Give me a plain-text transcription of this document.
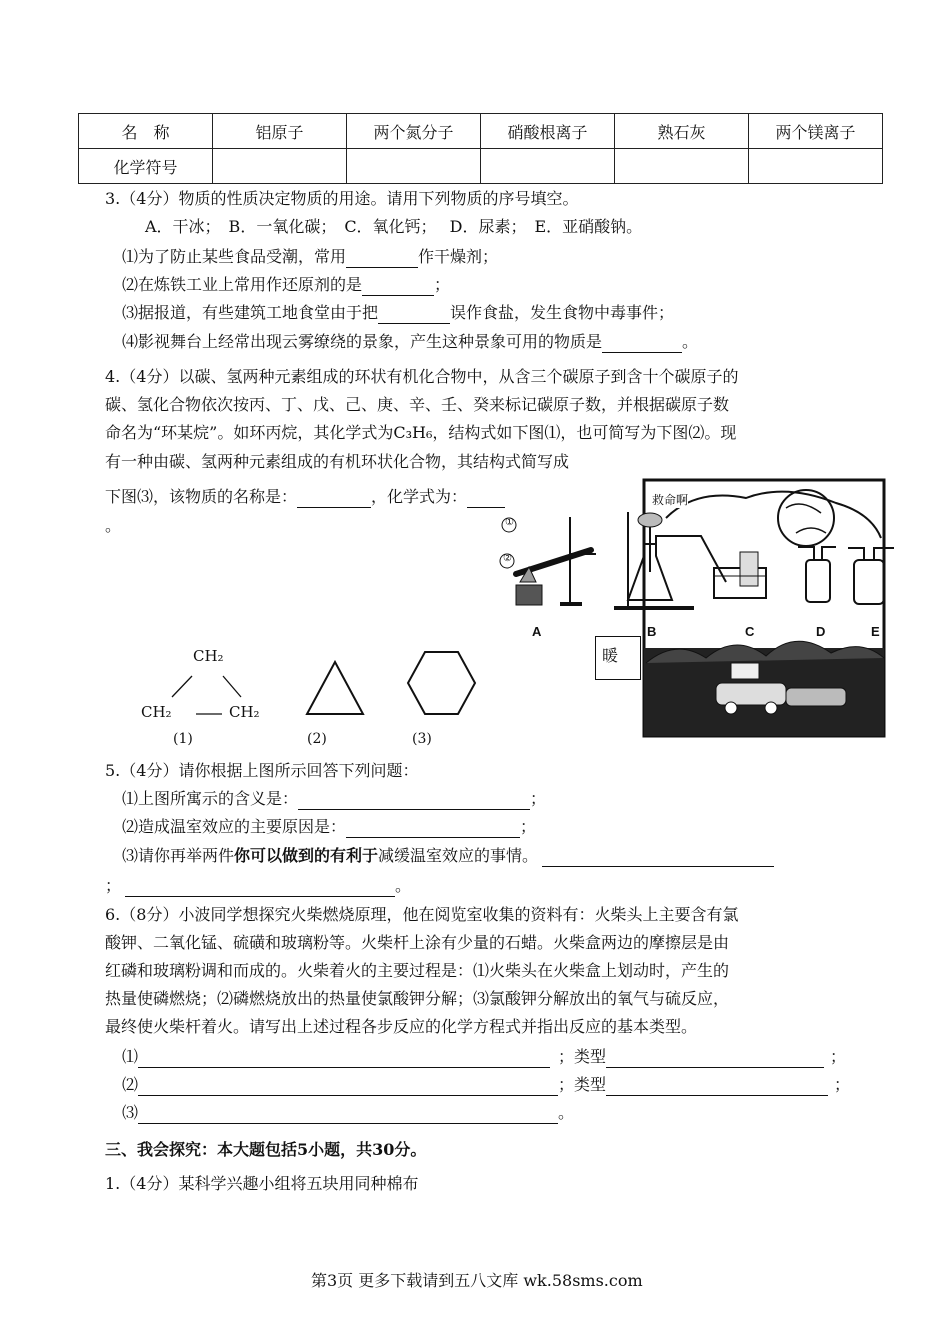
名　称	铝原子	两个氮分子	硝酸根离子	熟石灰	两个镁离子
化学符号					
3.（4分）物质的性质决定物质的用途。请用下列物质的序号填空。
A．干冰；　B．一氧化碳；　C．氧化钙；　 D．尿素；　E．亚硝酸钠。
⑴为了防止某些食品受潮，常用	作干燥剂；
⑵在炼铁工业上常用作还原剂的是	；
⑶据报道，有些建筑工地食堂由于把	误作食盐，发生食物中毒事件；
⑷影视舞台上经常出现云雾缭绕的景象，产生这种景象可用的物质是	。
4.（4分）以碳、氢两种元素组成的环状有机化合物中，从含三个碳原子到含十个碳原子的
碳、氢化合物依次按丙、丁、戊、己、庚、辛、壬、癸来标记碳原子数，并根据碳原子数
命名为“环某烷”。如环丙烷，其化学式为C₃H₆，结构式如下图⑴，也可简写为下图⑵。现
有一种由碳、氢两种元素组成的有机环状化合物，其结构式简写成
下图⑶，该物质的名称是：	，化学式为：
。
CH₂
CH₂	CH₂
(1)	(2)	(3)
救命啊
暖
①
②
A	B	C	D	E
5.（4分）请你根据上图所示回答下列问题：
⑴上图所寓示的含义是：	；
⑵造成温室效应的主要原因是：	；
⑶请你再举两件你可以做到的有利于减缓温室效应的事情。
；	。
6.（8分）小波同学想探究火柴燃烧原理，他在阅览室收集的资料有：火柴头上主要含有氯
酸钾、二氧化锰、硫磺和玻璃粉等。火柴杆上涂有少量的石蜡。火柴盒两边的摩擦层是由
红磷和玻璃粉调和而成的。火柴着火的主要过程是：⑴火柴头在火柴盒上划动时，产生的
热量使磷燃烧；⑵磷燃烧放出的热量使氯酸钾分解；⑶氯酸钾分解放出的氧气与硫反应，
最终使火柴杆着火。请写出上述过程各步反应的化学方程式并指出反应的基本类型。
⑴	；类型	；
⑵	；类型	；
⑶	。
三、我会探究：本大题包括5小题，共30分。
1.（4分）某科学兴趣小组将五块用同种棉布
第3页 更多下载请到五八文库 wk.58sms.com
